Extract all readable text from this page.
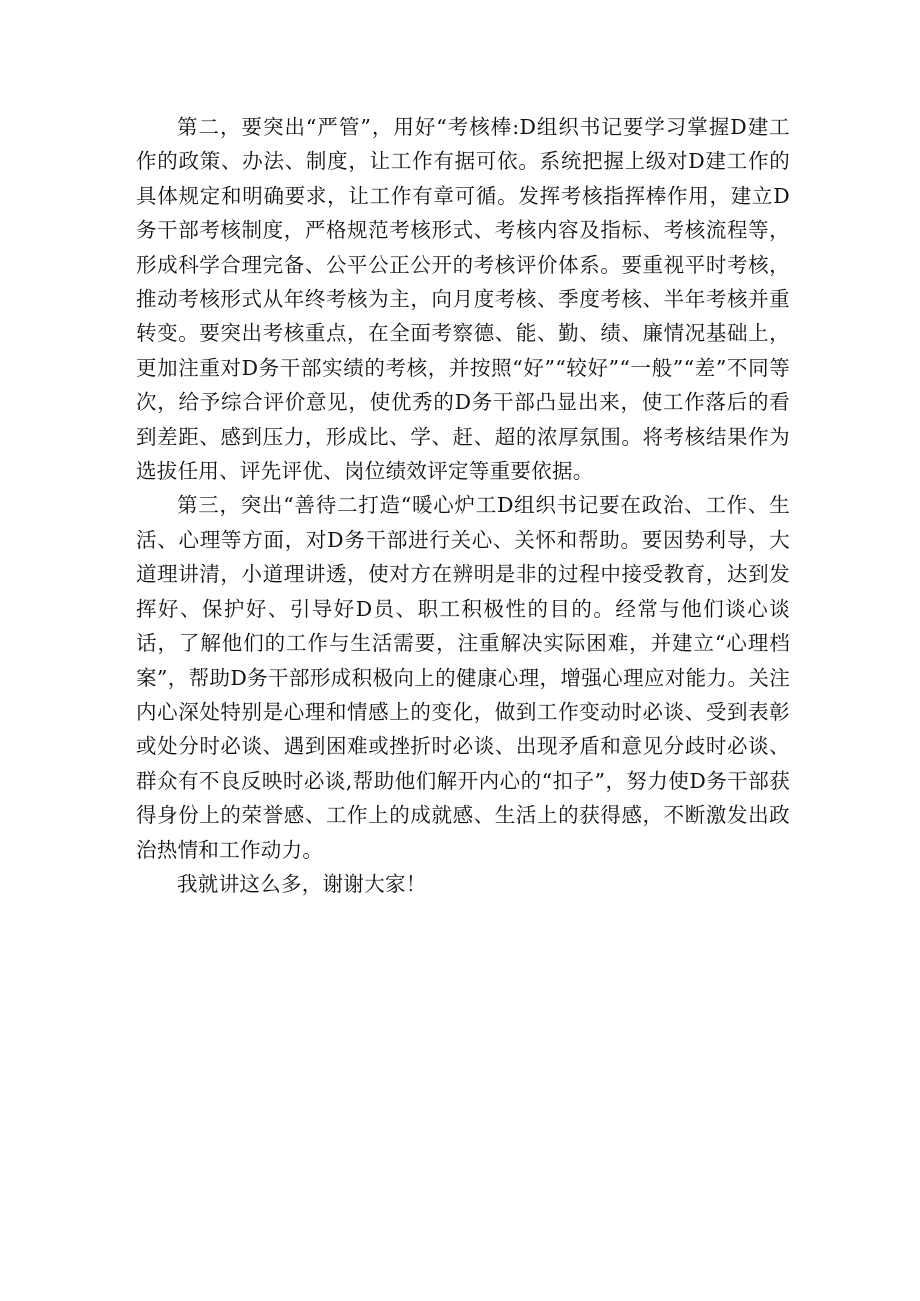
第二，要突出“严管”，用好“考核棒:D组织书记要学习掌握D建工作的政策、办法、制度，让工作有据可依。系统把握上级对D建工作的具体规定和明确要求，让工作有章可循。发挥考核指挥棒作用，建立D务干部考核制度，严格规范考核形式、考核内容及指标、考核流程等，形成科学合理完备、公平公正公开的考核评价体系。要重视平时考核，推动考核形式从年终考核为主，向月度考核、季度考核、半年考核并重转变。要突出考核重点，在全面考察德、能、勤、绩、廉情况基础上，更加注重对D务干部实绩的考核，并按照“好”“较好”“一般”“差”不同等次，给予综合评价意见，使优秀的D务干部凸显出来，使工作落后的看到差距、感到压力，形成比、学、赶、超的浓厚氛围。将考核结果作为选拔任用、评先评优、岗位绩效评定等重要依据。

第三，突出“善待二打造“暖心炉工D组织书记要在政治、工作、生活、心理等方面，对D务干部进行关心、关怀和帮助。要因势利导，大道理讲清，小道理讲透，使对方在辨明是非的过程中接受教育，达到发挥好、保护好、引导好D员、职工积极性的目的。经常与他们谈心谈话，了解他们的工作与生活需要，注重解决实际困难，并建立“心理档案”，帮助D务干部形成积极向上的健康心理，增强心理应对能力。关注内心深处特别是心理和情感上的变化，做到工作变动时必谈、受到表彰或处分时必谈、遇到困难或挫折时必谈、出现矛盾和意见分歧时必谈、群众有不良反映时必谈,帮助他们解开内心的“扣子”，努力使D务干部获得身份上的荣誉感、工作上的成就感、生活上的获得感，不断激发出政治热情和工作动力。

我就讲这么多，谢谢大家！
